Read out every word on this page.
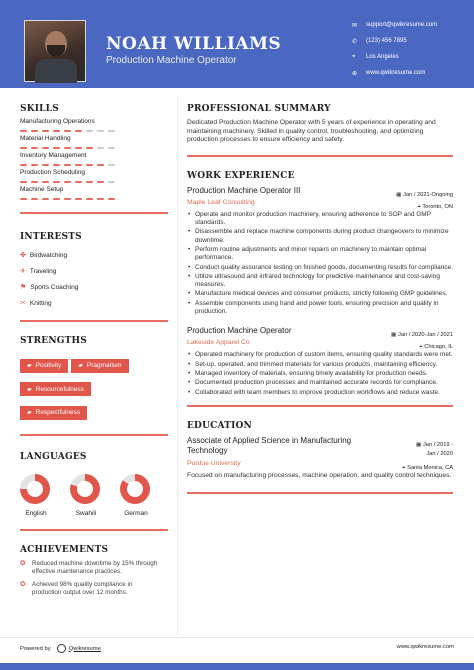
NOAH WILLIAMS
Production Machine Operator
✉	support@qwikresume.com
✆	(123) 456 7895
⌖	Los Angeles
⊕	www.qwikresume.com
SKILLS
Manufacturing Operations
Material Handling
Inventory Management
Production Scheduling
Machine Setup
INTERESTS
✤ Birdwatching
✈ Traveling
⚑ Sports Coaching
✂ Knitting
STRENGTHS
▰ Positivity	▰ Pragmatism

▰ Resourcefulness

▰ Respectfulness
LANGUAGES
English	Swahili	German
ACHIEVEMENTS
✪	Reduced machine downtime by 15% through effective maintenance practices.
✪	Achieved 98% quality compliance in production output over 12 months.
PROFESSIONAL SUMMARY
Dedicated Production Machine Operator with 5 years of experience in operating and maintaining machinery. Skilled in quality control, troubleshooting, and optimizing production processes to ensure efficiency and safety.
WORK EXPERIENCE
Production Machine Operator III	▦ Jan / 2021-Ongoing
Maple Leaf Consulting
⌖ Toronto, ON
• Operate and monitor production machinery, ensuring adherence to SOP and GMP standards.
• Disassemble and replace machine components during product changeovers to minimize downtime.
• Perform routine adjustments and minor repairs on machinery to maintain optimal performance.
• Conduct quality assurance testing on finished goods, documenting results for compliance.
• Utilize ultrasound and infrared technology for predictive maintenance and cost-saving measures.
• Manufacture medical devices and consumer products, strictly following GMP guidelines.
• Assemble components using hand and power tools, ensuring precision and quality in production.
Production Machine Operator	▦ Jan / 2020-Jan / 2021
Lakeside Apparel Co
⌖ Chicago, IL
• Operated machinery for production of custom items, ensuring quality standards were met.
• Set-up, operated, and trimmed materials for various products, maintaining efficiency.
• Managed inventory of materials, ensuring timely availability for production needs.
• Documented production processes and maintained accurate records for compliance.
• Collaborated with team members to improve production workflows and reduce waste.
EDUCATION
Associate of Applied Science in Manufacturing Technology
▦ Jan / 2019 - Jan / 2020
Purdue University
⌖ Santa Monica, CA
Focused on manufacturing processes, machine operation, and quality control techniques.
Powered by	Qwikresume	www.qwikresume.com
